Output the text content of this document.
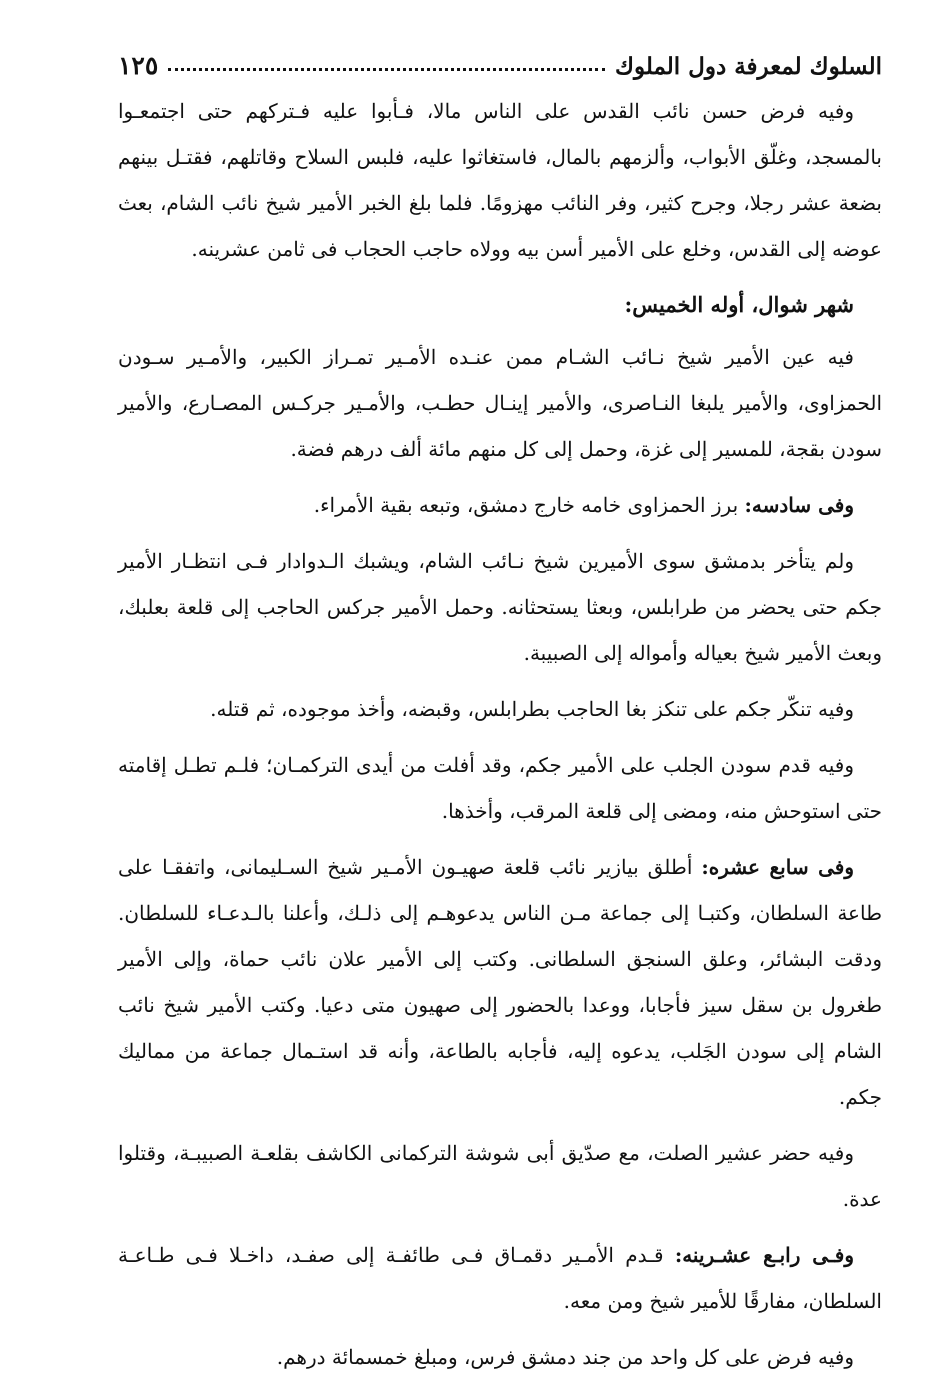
السلوك لمعرفة دول الملوك
١٢٥

وفيه فرض حسن نائب القدس على الناس مالا، فـأبوا عليه فـتركهم حتى اجتمعـوا بالمسجد، وغلّق الأبواب، وألزمهم بالمال، فاستغاثوا عليه، فلبس السلاح وقاتلهم، فقتـل بينهم بضعة عشر رجلا، وجرح كثير، وفر النائب مهزومًا. فلما بلغ الخبر الأمير شيخ نائب الشام، بعث عوضه إلى القدس، وخلع على الأمير أسن بيه وولاه حاجب الحجاب فى ثامن عشرينه.

شهر شوال، أوله الخميس:

فيه عين الأمير شيخ نـائب الشـام ممن عنـده الأمـير تمـراز الكبير، والأمـير سـودن الحمزاوى، والأمير يلبغا النـاصرى، والأمير إينـال حطـب، والأمـير جركـس المصـارع، والأمير سودن بقجة، للمسير إلى غزة، وحمل إلى كل منهم مائة ألف درهم فضة.

وفى سادسه: برز الحمزاوى خامه خارج دمشق، وتبعه بقية الأمراء.

ولم يتأخر بدمشق سوى الأميرين شيخ نـائب الشام، ويشبك الـدوادار فـى انتظـار الأمير جكم حتى يحضر من طرابلس، وبعثا يستحثانه. وحمل الأمير جركس الحاجب إلى قلعة بعلبك، وبعث الأمير شيخ بعياله وأمواله إلى الصبيبة.

وفيه تنكّر جكم على تنكز بغا الحاجب بطرابلس، وقبضه، وأخذ موجوده، ثم قتله.

وفيه قدم سودن الجلب على الأمير جكم، وقد أفلت من أيدى التركمـان؛ فلـم تطـل إقامته حتى استوحش منه، ومضى إلى قلعة المرقب، وأخذها.

وفى سابع عشره: أطلق بيازير نائب قلعة صهيـون الأمـير شيخ السـليمانى، واتفقـا على طاعة السلطان، وكتبـا إلى جماعة مـن الناس يدعوهـم إلى ذلـك، وأعلنا بالـدعـاء للسلطان. ودقت البشائر، وعلق السنجق السلطانى. وكتب إلى الأمير علان نائب حماة، وإلى الأمير طغرول بن سقل سيز فأجابا، ووعدا بالحضور إلى صهيون متى دعيا. وكتب الأمير شيخ نائب الشام إلى سودن الجَلب، يدعوه إليه، فأجابه بالطاعة، وأنه قد استـمال جماعة من مماليك جكم.

وفيه حضر عشير الصلت، مع صدّيق أبى شوشة التركمانى الكاشف بقلعـة الصبيبـة، وقتلوا عدة.

وفـى رابـع عشـرينه: قـدم الأمـير دقمـاق فـى طائفـة إلى صفـد، داخـلا فـى طـاعـة السلطان، مفارقًا للأمير شيخ ومن معه.

وفيه فرض على كل واحد من جند دمشق فرس، ومبلغ خمسمائة درهم.
